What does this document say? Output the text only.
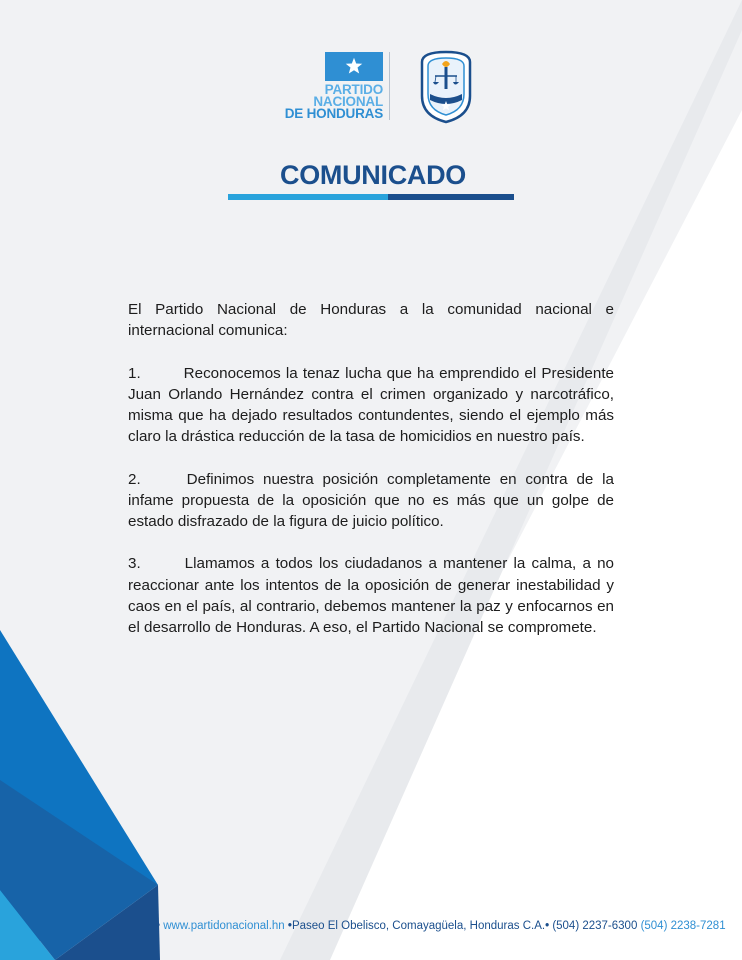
PARTIDO
NACIONAL
DE HONDURAS
COMUNICADO

El Partido Nacional de Honduras a la comunidad nacional e internacional comunica:

1.	Reconocemos la tenaz lucha que ha emprendido el Presidente Juan Orlando Hernández contra el crimen organizado y narcotráfico, misma que ha dejado resultados contundentes, siendo el ejemplo más claro la drástica reducción de la tasa de homicidios en nuestro país.

2.	Definimos nuestra posición completamente en contra de la infame propuesta de la oposición que no es más que un golpe de estado disfrazado de la figura de juicio político.

3.	Llamamos a todos los ciudadanos a mantener la calma, a no reaccionar ante los intentos de la oposición de generar inestabilidad y caos en el país, al contrario, debemos mantener la paz y enfocarnos en el desarrollo de Honduras. A eso, el Partido Nacional se compromete.

• www.partidonacional.hn •Paseo El Obelisco, Comayagüela, Honduras C.A.• (504) 2237-6300 (504) 2238-7281
